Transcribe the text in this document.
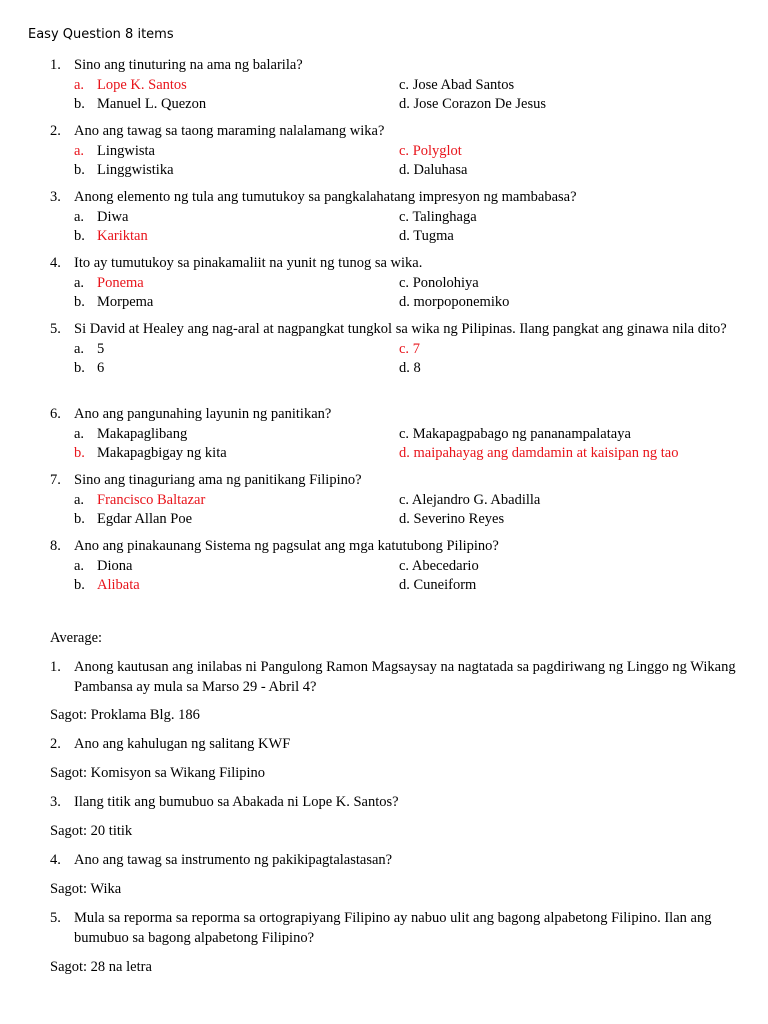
Easy Question 8 items
1. Sino ang tinuturing na ama ng balarila?
a. Lope K. Santos
b. Manuel L. Quezon
c. Jose Abad Santos
d. Jose Corazon De Jesus
2. Ano ang tawag sa taong maraming nalalamang wika?
a. Lingwista
b. Linggwistika
c. Polyglot
d. Daluhasa
3. Anong elemento ng tula ang tumutukoy sa pangkalahatang impresyon ng mambabasa?
a. Diwa
b. Kariktan
c. Talinghaga
d. Tugma
4. Ito ay tumutukoy sa pinakamaliit na yunit ng tunog sa wika.
a. Ponema
b. Morpema
c. Ponolohiya
d. morpoponemiko
5. Si David at Healey ang nag-aral at nagpangkat tungkol sa wika ng Pilipinas. Ilang pangkat ang ginawa nila dito?
a. 5
b. 6
c. 7
d. 8
6. Ano ang pangunahing layunin ng panitikan?
a. Makapaglibang
b. Makapagbigay ng kita
c. Makapagpabago ng pananampalataya
d. maipahayag ang damdamin at kaisipan ng tao
7. Sino ang tinaguriang ama ng panitikang Filipino?
a. Francisco Baltazar
b. Egdar Allan Poe
c. Alejandro G. Abadilla
d. Severino Reyes
8. Ano ang pinakaunang Sistema ng pagsulat ang mga katutubong Pilipino?
a. Diona
b. Alibata
c. Abecedario
d. Cuneiform
Average:
1. Anong kautusan ang inilabas ni Pangulong Ramon Magsaysay na nagtatada sa pagdiriwang ng Linggo ng Wikang Pambansa ay mula sa Marso 29 - Abril 4?
Sagot: Proklama Blg. 186
2. Ano ang kahulugan ng salitang KWF
Sagot: Komisyon sa Wikang Filipino
3. Ilang titik ang bumubuo sa Abakada ni Lope K. Santos?
Sagot: 20 titik
4. Ano ang tawag sa instrumento ng pakikipagtalastasan?
Sagot: Wika
5. Mula sa reporma sa reporma sa ortograpiyang Filipino ay nabuo ulit ang bagong alpabetong Filipino. Ilan ang bumubuo sa bagong alpabetong Filipino?
Sagot: 28 na letra
